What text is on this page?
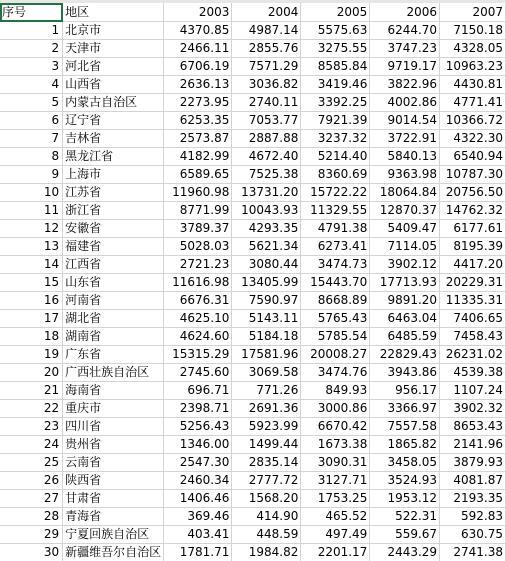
序号	地区	2003	2004	2005	2006	2007
1	北京市	4370.85	4987.14	5575.63	6244.70	7150.18
2	天津市	2466.11	2855.76	3275.55	3747.23	4328.05
3	河北省	6706.19	7571.29	8585.84	9719.17	10963.23
4	山西省	2636.13	3036.82	3419.46	3822.96	4430.81
5	内蒙古自治区	2273.95	2740.11	3392.25	4002.86	4771.41
6	辽宁省	6253.35	7053.77	7921.39	9014.54	10366.72
7	吉林省	2573.87	2887.88	3237.32	3722.91	4322.30
8	黑龙江省	4182.99	4672.40	5214.40	5840.13	6540.94
9	上海市	6589.65	7525.38	8360.69	9363.98	10787.30
10	江苏省	11960.98	13731.20	15722.22	18064.84	20756.50
11	浙江省	8771.99	10043.93	11329.55	12870.37	14762.32
12	安徽省	3789.37	4293.35	4791.38	5409.47	6177.61
13	福建省	5028.03	5621.34	6273.41	7114.05	8195.39
14	江西省	2721.23	3080.44	3474.73	3902.12	4417.20
15	山东省	11616.98	13405.99	15443.70	17713.93	20229.31
16	河南省	6676.31	7590.97	8668.89	9891.20	11335.31
17	湖北省	4625.10	5143.11	5765.43	6463.04	7406.65
18	湖南省	4624.60	5184.18	5785.54	6485.59	7458.43
19	广东省	15315.29	17581.96	20008.27	22829.43	26231.02
20	广西壮族自治区	2745.60	3069.58	3474.76	3943.86	4539.38
21	海南省	696.71	771.26	849.93	956.17	1107.24
22	重庆市	2398.71	2691.36	3000.86	3366.97	3902.32
23	四川省	5256.43	5923.99	6670.42	7557.58	8653.43
24	贵州省	1346.00	1499.44	1673.38	1865.82	2141.96
25	云南省	2547.30	2835.14	3090.31	3458.05	3879.93
26	陕西省	2460.34	2777.72	3127.71	3524.93	4081.87
27	甘肃省	1406.46	1568.20	1753.25	1953.12	2193.35
28	青海省	369.46	414.90	465.52	522.31	592.83
29	宁夏回族自治区	403.41	448.59	497.49	559.67	630.75
30	新疆维吾尔自治区	1781.71	1984.82	2201.17	2443.29	2741.38
